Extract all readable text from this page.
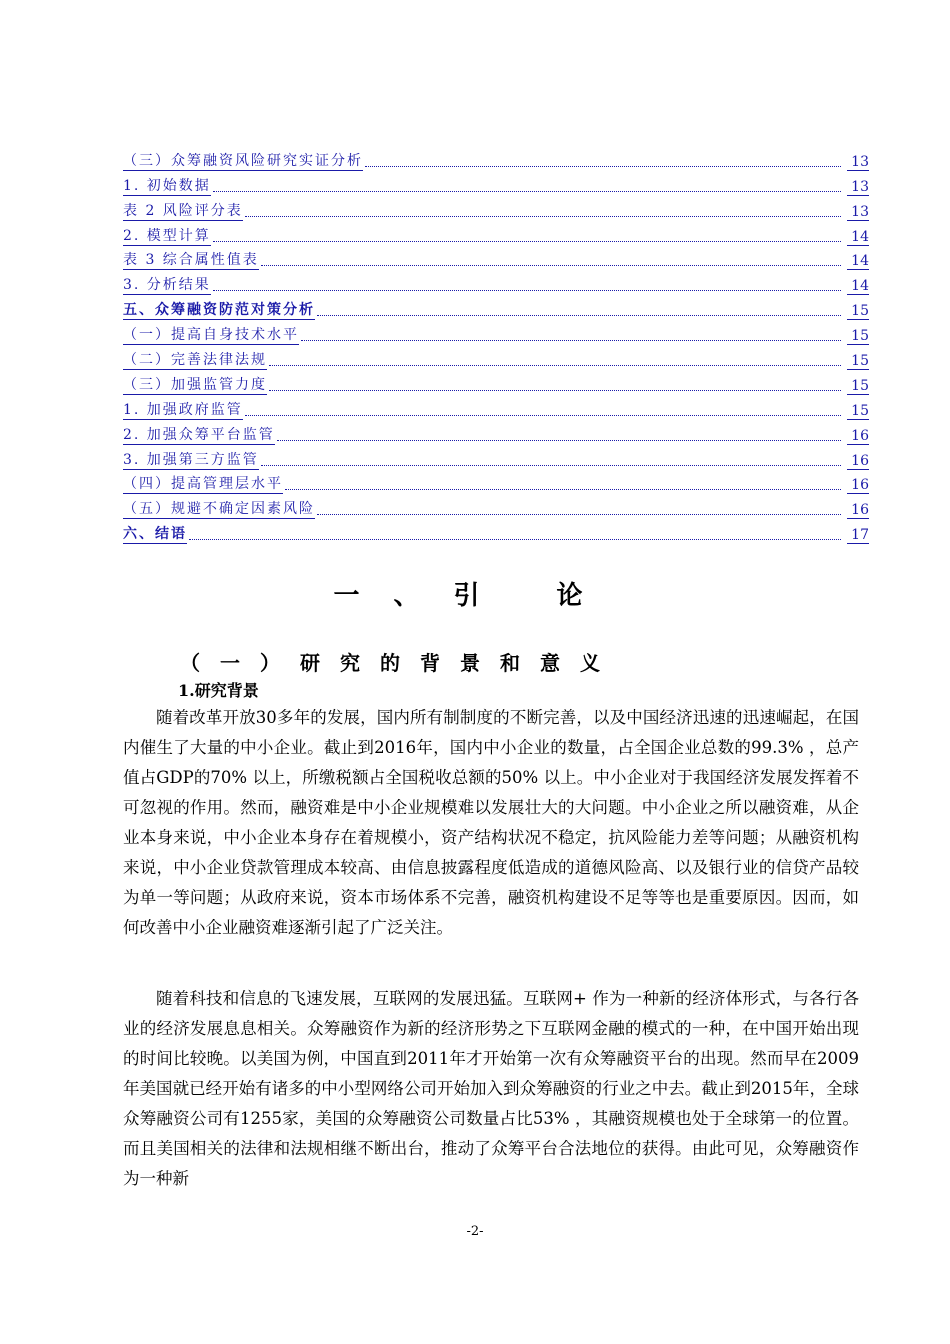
（三）众筹融资风险研究实证分析	13
1. 初始数据	13
表 2 风险评分表	13
2. 模型计算	14
表 3 综合属性值表	14
3. 分析结果	14
五、众筹融资防范对策分析	15
（一）提高自身技术水平	15
（二）完善法律法规	15
（三）加强监管力度	15
1. 加强政府监管	15
2. 加强众筹平台监管	16
3. 加强第三方监管	16
（四）提高管理层水平	16
（五）规避不确定因素风险	16
六、结语	17
一、引 论
（一）研究的背景和意义
1.研究背景
随着改革开放30多年的发展，国内所有制制度的不断完善，以及中国经济迅速的迅速崛起，在国内催生了大量的中小企业。截止到2016年，国内中小企业的数量，占全国企业总数的99.3% ，总产值占GDP的70% 以上，所缴税额占全国税收总额的50% 以上。中小企业对于我国经济发展发挥着不可忽视的作用。然而，融资难是中小企业规模难以发展壮大的大问题。中小企业之所以融资难，从企业本身来说，中小企业本身存在着规模小，资产结构状况不稳定，抗风险能力差等问题；从融资机构来说，中小企业贷款管理成本较高、由信息披露程度低造成的道德风险高、以及银行业的信贷产品较为单一等问题；从政府来说，资本市场体系不完善，融资机构建设不足等等也是重要原因。因而，如何改善中小企业融资难逐渐引起了广泛关注。
随着科技和信息的飞速发展，互联网的发展迅猛。互联网+ 作为一种新的经济体形式，与各行各业的经济发展息息相关。众筹融资作为新的经济形势之下互联网金融的模式的一种，在中国开始出现的时间比较晚。以美国为例，中国直到2011年才开始第一次有众筹融资平台的出现。然而早在2009年美国就已经开始有诸多的中小型网络公司开始加入到众筹融资的行业之中去。截止到2015年，全球众筹融资公司有1255家，美国的众筹融资公司数量占比53% ，其融资规模也处于全球第一的位置。而且美国相关的法律和法规相继不断出台，推动了众筹平台合法地位的获得。由此可见，众筹融资作为一种新
-2-
